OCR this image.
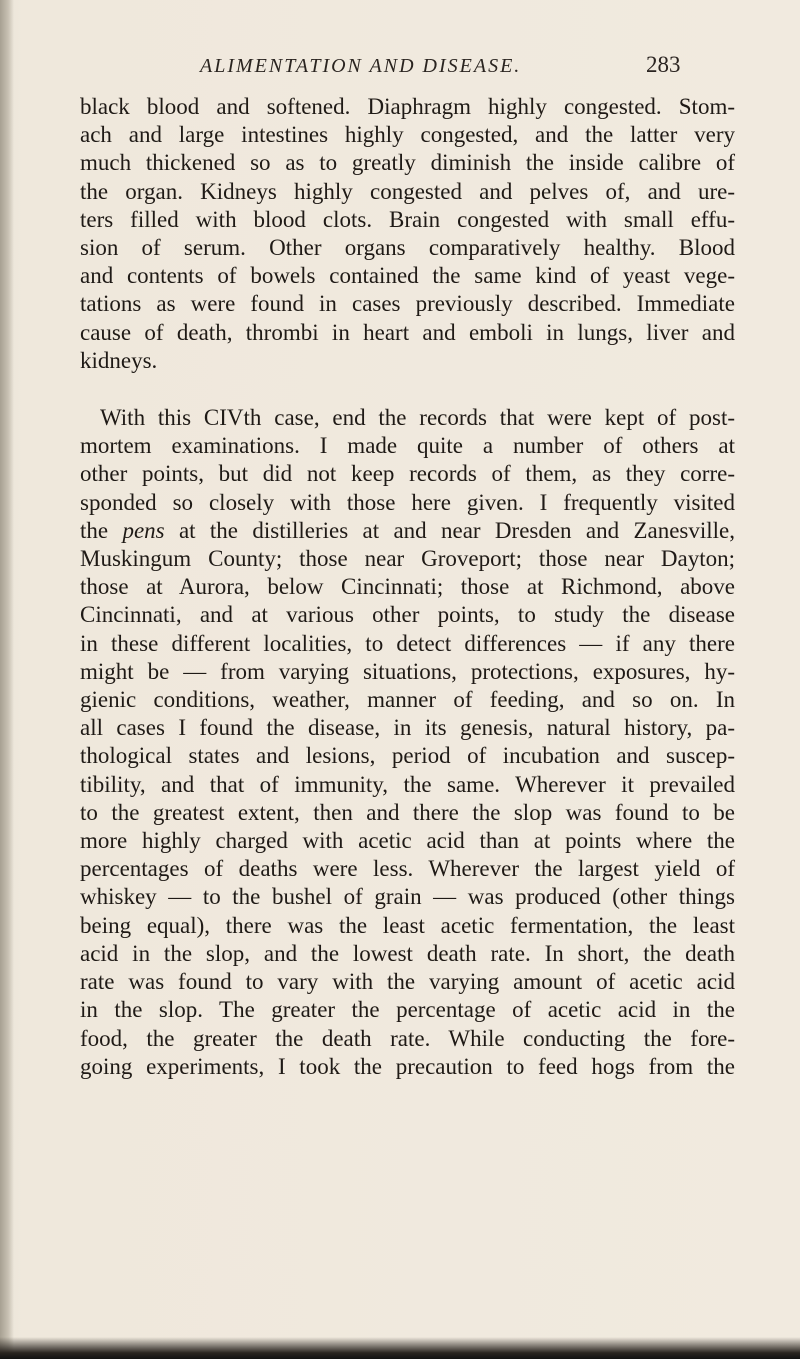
ALIMENTATION AND DISEASE.	283

black blood and softened. Diaphragm highly congested. Stom-
ach and large intestines highly congested, and the latter very
much thickened so as to greatly diminish the inside calibre of
the organ. Kidneys highly congested and pelves of, and ure-
ters filled with blood clots. Brain congested with small effu-
sion of serum. Other organs comparatively healthy. Blood
and contents of bowels contained the same kind of yeast vege-
tations as were found in cases previously described. Immediate
cause of death, thrombi in heart and emboli in lungs, liver and
kidneys.

With this CIVth case, end the records that were kept of post-
mortem examinations. I made quite a number of others at
other points, but did not keep records of them, as they corre-
sponded so closely with those here given. I frequently visited
the pens at the distilleries at and near Dresden and Zanesville,
Muskingum County; those near Groveport; those near Dayton;
those at Aurora, below Cincinnati; those at Richmond, above
Cincinnati, and at various other points, to study the disease
in these different localities, to detect differences — if any there
might be — from varying situations, protections, exposures, hy-
gienic conditions, weather, manner of feeding, and so on. In
all cases I found the disease, in its genesis, natural history, pa-
thological states and lesions, period of incubation and suscep-
tibility, and that of immunity, the same. Wherever it prevailed
to the greatest extent, then and there the slop was found to be
more highly charged with acetic acid than at points where the
percentages of deaths were less. Wherever the largest yield of
whiskey — to the bushel of grain — was produced (other things
being equal), there was the least acetic fermentation, the least
acid in the slop, and the lowest death rate. In short, the death
rate was found to vary with the varying amount of acetic acid
in the slop. The greater the percentage of acetic acid in the
food, the greater the death rate. While conducting the fore-
going experiments, I took the precaution to feed hogs from the
